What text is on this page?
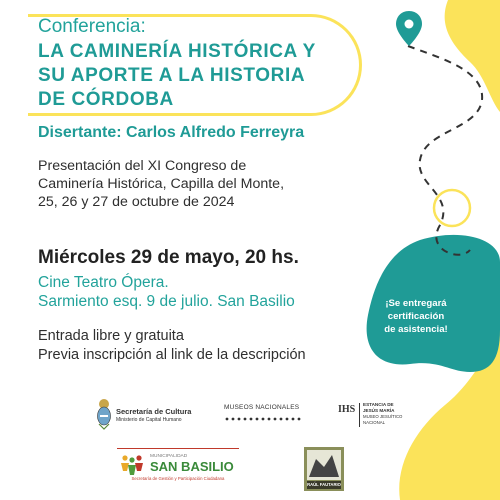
Conferencia:
LA CAMINERÍA HISTÓRICA Y
SU APORTE A LA HISTORIA
DE CÓRDOBA
Disertante: Carlos Alfredo Ferreyra
Presentación del XI Congreso de
Caminería Histórica, Capilla del Monte,
25, 26 y 27 de octubre de 2024
Miércoles 29 de mayo, 20 hs.
Cine Teatro Ópera.
Sarmiento esq. 9 de julio. San Basilio
Entrada libre y gratuita
Previa inscripción al link de la descripción
¡Se entregará
certificación
de asistencia!
Secretaría de Cultura
Ministerio de Capital Humano
MUSEOS NACIONALES	IHS ESTANCIA DE
JESÚS MARÍA
MUSEO JESUÍTICO
NACIONAL
MUNICIPALIDAD
SAN BASILIO
Secretaría de Gestión y Participación Ciudadana
RAÚL FAUTARIO
